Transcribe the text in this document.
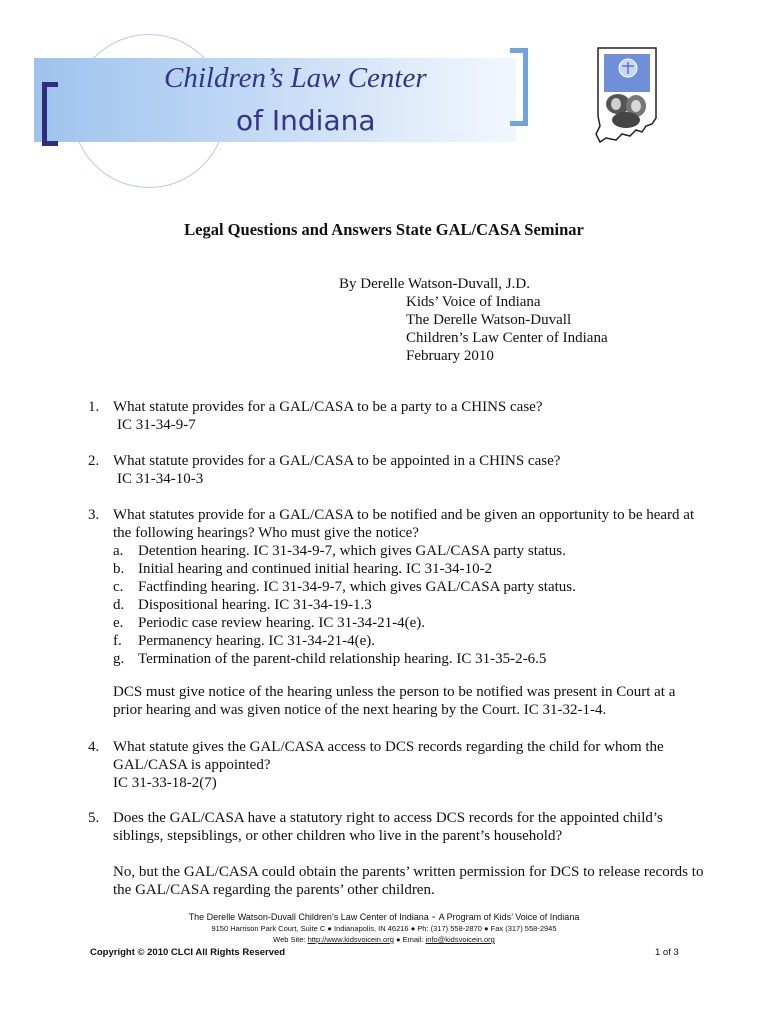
Children’s Law Center
of Indiana
Legal Questions and Answers State GAL/CASA Seminar
By Derelle Watson-Duvall, J.D.
Kids’ Voice of Indiana
The Derelle Watson-Duvall
Children’s Law Center of Indiana
February 2010
1. What statute provides for a GAL/CASA to be a party to a CHINS case?
IC 31-34-9-7
2. What statute provides for a GAL/CASA to be appointed in a CHINS case?
IC 31-34-10-3
3. What statutes provide for a GAL/CASA to be notified and be given an opportunity to be heard at the following hearings? Who must give the notice?
a. Detention hearing. IC 31-34-9-7, which gives GAL/CASA party status.
b. Initial hearing and continued initial hearing. IC 31-34-10-2
c. Factfinding hearing. IC 31-34-9-7, which gives GAL/CASA party status.
d. Dispositional hearing. IC 31-34-19-1.3
e. Periodic case review hearing. IC 31-34-21-4(e).
f.	Permanency hearing. IC 31-34-21-4(e).
g. Termination of the parent-child relationship hearing. IC 31-35-2-6.5
DCS must give notice of the hearing unless the person to be notified was present in Court at a prior hearing and was given notice of the next hearing by the Court. IC 31-32-1-4.
4. What statute gives the GAL/CASA access to DCS records regarding the child for whom the GAL/CASA is appointed?
IC 31-33-18-2(7)
5. Does the GAL/CASA have a statutory right to access DCS records for the appointed child’s siblings, stepsiblings, or other children who live in the parent’s household?
No, but the GAL/CASA could obtain the parents’ written permission for DCS to release records to the GAL/CASA regarding the parents’ other children.
The Derelle Watson-Duvall Children’s Law Center of Indiana - A Program of Kids’ Voice of Indiana
9150 Harrison Park Court, Suite C ● Indianapolis, IN 46216 ● Ph: (317) 558-2870 ● Fax (317) 558-2945
Web Site: http://www.kidsvoicein.org ● Email: info@kidsvoicein.org
Copyright © 2010 CLCI All Rights Reserved	1 of 3
